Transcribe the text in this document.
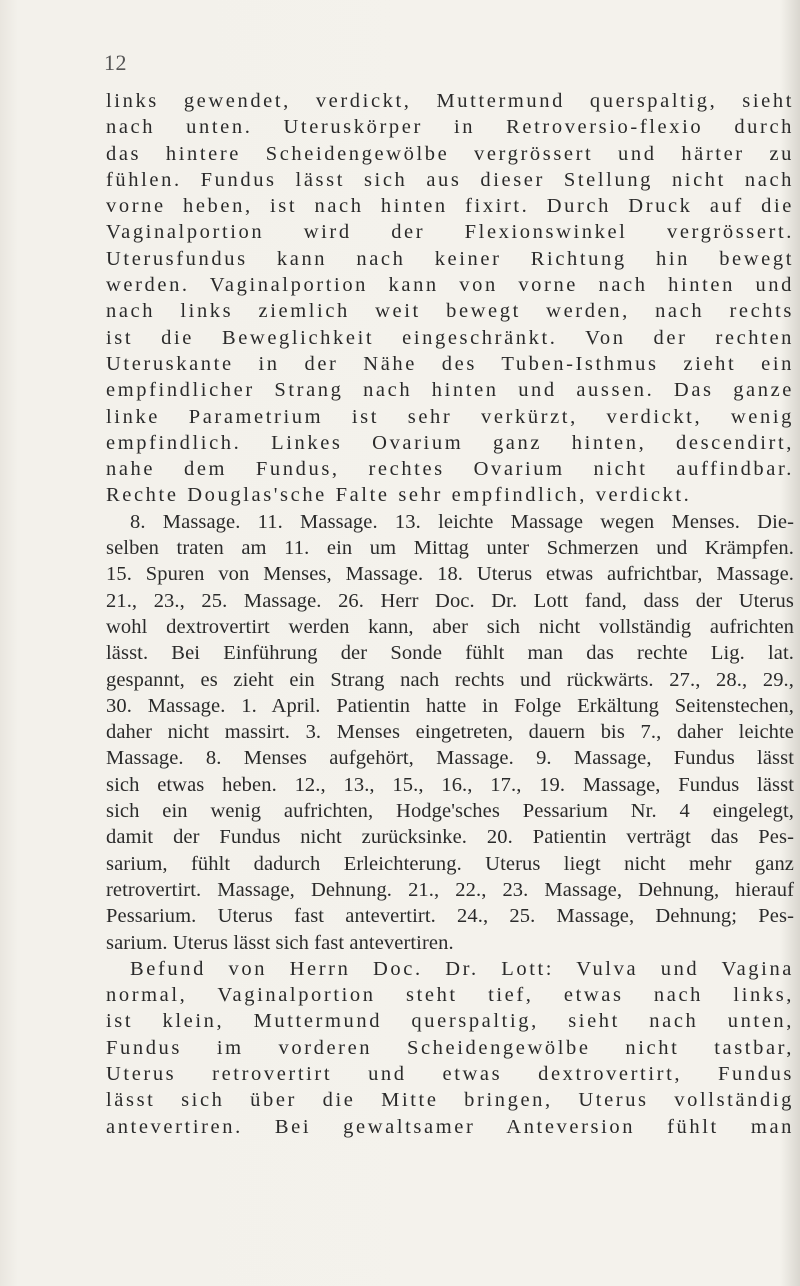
12

links gewendet, verdickt, Muttermund querspaltig, sieht
nach unten. Uteruskörper in Retroversio-flexio durch
das hintere Scheidengewölbe vergrössert und härter zu
fühlen. Fundus lässt sich aus dieser Stellung nicht nach
vorne heben, ist nach hinten fixirt. Durch Druck auf die
Vaginalportion wird der Flexionswinkel vergrössert.
Uterusfundus kann nach keiner Richtung hin bewegt
werden. Vaginalportion kann von vorne nach hinten und
nach links ziemlich weit bewegt werden, nach rechts
ist die Beweglichkeit eingeschränkt. Von der rechten
Uteruskante in der Nähe des Tuben-Isthmus zieht ein
empfindlicher Strang nach hinten und aussen. Das ganze
linke Parametrium ist sehr verkürzt, verdickt, wenig
empfindlich. Linkes Ovarium ganz hinten, descendirt,
nahe dem Fundus, rechtes Ovarium nicht auffindbar.
Rechte Douglas'sche Falte sehr empfindlich, verdickt.

8. Massage. 11. Massage. 13. leichte Massage wegen Menses. Die-
selben traten am 11. ein um Mittag unter Schmerzen und Krämpfen.
15. Spuren von Menses, Massage. 18. Uterus etwas aufrichtbar, Massage.
21., 23., 25. Massage. 26. Herr Doc. Dr. Lott fand, dass der Uterus
wohl dextrovertirt werden kann, aber sich nicht vollständig aufrichten
lässt. Bei Einführung der Sonde fühlt man das rechte Lig. lat.
gespannt, es zieht ein Strang nach rechts und rückwärts. 27., 28., 29.,
30. Massage. 1. April. Patientin hatte in Folge Erkältung Seitenstechen,
daher nicht massirt. 3. Menses eingetreten, dauern bis 7., daher leichte
Massage. 8. Menses aufgehört, Massage. 9. Massage, Fundus lässt
sich etwas heben. 12., 13., 15., 16., 17., 19. Massage, Fundus lässt
sich ein wenig aufrichten, Hodge'sches Pessarium Nr. 4 eingelegt,
damit der Fundus nicht zurücksinke. 20. Patientin verträgt das Pes-
sarium, fühlt dadurch Erleichterung. Uterus liegt nicht mehr ganz
retrovertirt. Massage, Dehnung. 21., 22., 23. Massage, Dehnung, hierauf
Pessarium. Uterus fast antevertirt. 24., 25. Massage, Dehnung; Pes-
sarium. Uterus lässt sich fast antevertiren.

Befund von Herrn Doc. Dr. Lott: Vulva und Vagina
normal, Vaginalportion steht tief, etwas nach links,
ist klein, Muttermund querspaltig, sieht nach unten,
Fundus im vorderen Scheidengewölbe nicht tastbar,
Uterus retrovertirt und etwas dextrovertirt, Fundus
lässt sich über die Mitte bringen, Uterus vollständig
antevertiren. Bei gewaltsamer Anteversion fühlt man
